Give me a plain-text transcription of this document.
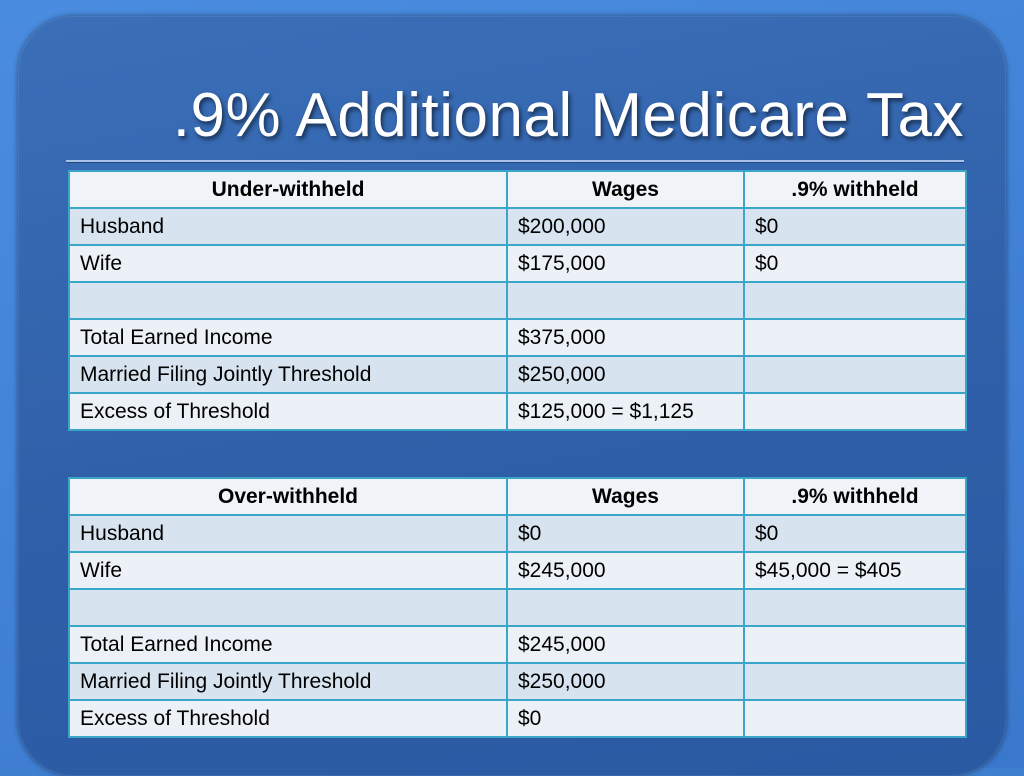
.9% Additional Medicare Tax
Under-withheld	Wages	.9% withheld
Husband	$200,000	$0
Wife	$175,000	$0

Total Earned Income	$375,000	
Married Filing Jointly Threshold	$250,000	
Excess of Threshold	$125,000 = $1,125	
Over-withheld	Wages	.9% withheld
Husband	$0	$0
Wife	$245,000	$45,000 = $405

Total Earned Income	$245,000	
Married Filing Jointly Threshold	$250,000	
Excess of Threshold	$0	
